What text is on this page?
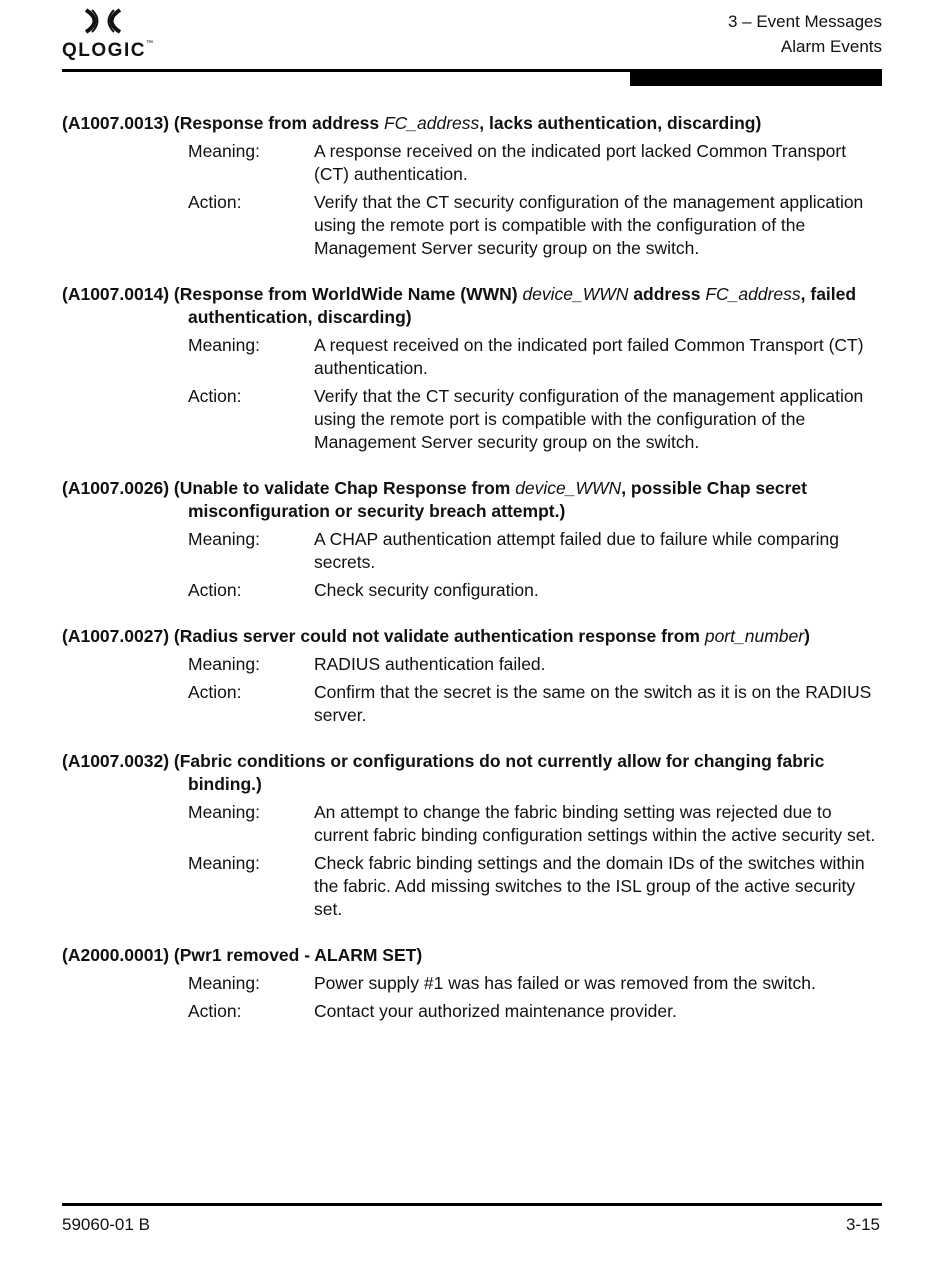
QLOGIC™
3 – Event Messages
Alarm Events
(A1007.0013) (Response from address FC_address, lacks authentication, discarding)
Meaning:	A response received on the indicated port lacked Common Transport (CT) authentication.
Action:	Verify that the CT security configuration of the management application using the remote port is compatible with the configuration of the Management Server security group on the switch.
(A1007.0014) (Response from WorldWide Name (WWN) device_WWN address FC_address, failed authentication, discarding)
Meaning:	A request received on the indicated port failed Common Transport (CT) authentication.
Action:	Verify that the CT security configuration of the management application using the remote port is compatible with the configuration of the Management Server security group on the switch.
(A1007.0026) (Unable to validate Chap Response from device_WWN, possible Chap secret misconfiguration or security breach attempt.)
Meaning:	A CHAP authentication attempt failed due to failure while comparing secrets.
Action:	Check security configuration.
(A1007.0027) (Radius server could not validate authentication response from port_number)
Meaning:	RADIUS authentication failed.
Action:	Confirm that the secret is the same on the switch as it is on the RADIUS server.
(A1007.0032) (Fabric conditions or configurations do not currently allow for changing fabric binding.)
Meaning:	An attempt to change the fabric binding setting was rejected due to current fabric binding configuration settings within the active security set.
Meaning:	Check fabric binding settings and the domain IDs of the switches within the fabric. Add missing switches to the ISL group of the active security set.
(A2000.0001) (Pwr1 removed - ALARM SET)
Meaning:	Power supply #1 was has failed or was removed from the switch.
Action:	Contact your authorized maintenance provider.
59060-01 B	3-15
